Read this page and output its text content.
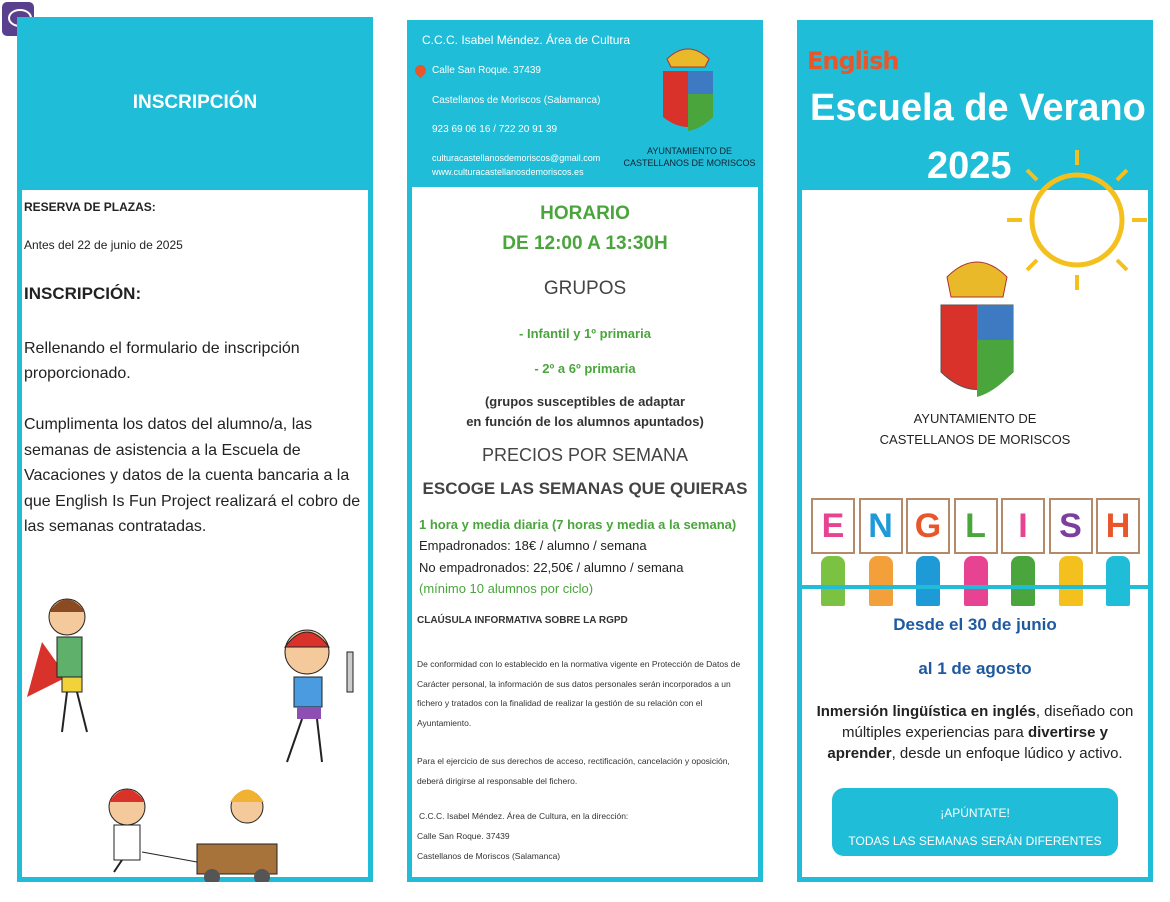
INSCRIPCIÓN
RESERVA DE PLAZAS:
Antes del 22 de junio de 2025
INSCRIPCIÓN:
Rellenando el formulario de inscripción proporcionado.
Cumplimenta los datos del alumno/a, las semanas de asistencia a la Escuela de Vacaciones y datos de la cuenta bancaria a la que English Is Fun Project realizará el cobro de las semanas contratadas.
C.C.C. Isabel Méndez. Área de Cultura
Calle San Roque. 37439
Castellanos de Moriscos (Salamanca)
923 69 06 16 / 722 20 91 39
culturacastellanosdemoriscos@gmail.com
www.culturacastellanosdemoriscos.es
AYUNTAMIENTO DE
CASTELLANOS DE MORISCOS
HORARIO
DE 12:00 A 13:30H
GRUPOS
- Infantil y 1º primaria
- 2º a 6º primaria
(grupos susceptibles de adaptar
en función de los alumnos apuntados)
PRECIOS POR SEMANA
ESCOGE LAS SEMANAS QUE QUIERAS
1 hora y media diaria (7 horas y media a la semana)
Empadronados: 18€ / alumno / semana
No empadronados: 22,50€ / alumno / semana
(mínimo 10 alumnos por ciclo)
CLAÚSULA INFORMATIVA SOBRE LA RGPD

De conformidad con lo establecido en la normativa vigente en Protección de Datos de Carácter personal, la información de sus datos personales serán incorporados a un fichero y tratados con la finalidad de realizar la gestión de su relación con el Ayuntamiento.

Para el ejercicio de sus derechos de acceso, rectificación, cancelación y oposición, deberá dirigirse al responsable del fichero.

C.C.C. Isabel Méndez. Área de Cultura, en la dirección:

Calle San Roque. 37439

Castellanos de Moriscos (Salamanca)

English
Escuela de Verano
2025
AYUNTAMIENTO DE
CASTELLANOS DE MORISCOS
E N G L I S H
Desde el 30 de junio
al 1 de agosto
Inmersión lingüística en inglés, diseñado con múltiples experiencias para divertirse y aprender, desde un enfoque lúdico y activo.
¡APÚNTATE!
TODAS LAS SEMANAS SERÁN DIFERENTES
